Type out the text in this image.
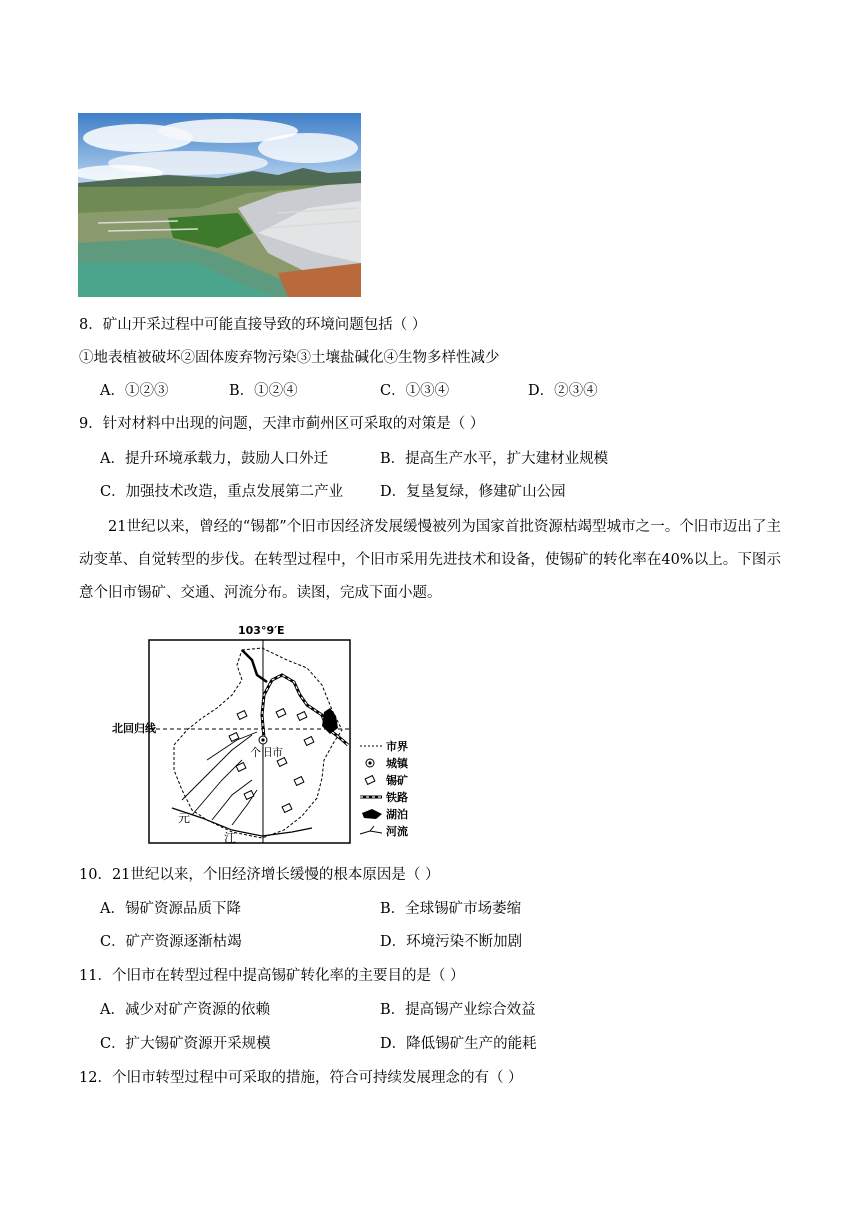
8．矿山开采过程中可能直接导致的环境问题包括（ ）
①地表植被破坏②固体废弃物污染③土壤盐碱化④生物多样性减少
A．①②③	B．①②④	C．①③④	D．②③④
9．针对材料中出现的问题，天津市蓟州区可采取的对策是（ ）
A．提升环境承载力，鼓励人口外迁	B．提高生产水平，扩大建材业规模
C．加强技术改造，重点发展第二产业	D．复垦复绿，修建矿山公园
21世纪以来，曾经的“锡都”个旧市因经济发展缓慢被列为国家首批资源枯竭型城市之一。个旧市迈出了主动变革、自觉转型的步伐。在转型过程中，个旧市采用先进技术和设备，使锡矿的转化率在40%以上。下图示意个旧市锡矿、交通、河流分布。读图，完成下面小题。
103°9′E
北回归线
元
江
个旧市	市界
城镇
锡矿
铁路
湖泊
河流
10．21世纪以来，个旧经济增长缓慢的根本原因是（ ）
A．锡矿资源品质下降	B．全球锡矿市场萎缩
C．矿产资源逐渐枯竭	D．环境污染不断加剧
11．个旧市在转型过程中提高锡矿转化率的主要目的是（ ）
A．减少对矿产资源的依赖	B．提高锡产业综合效益
C．扩大锡矿资源开采规模	D．降低锡矿生产的能耗
12．个旧市转型过程中可采取的措施，符合可持续发展理念的有（ ）
